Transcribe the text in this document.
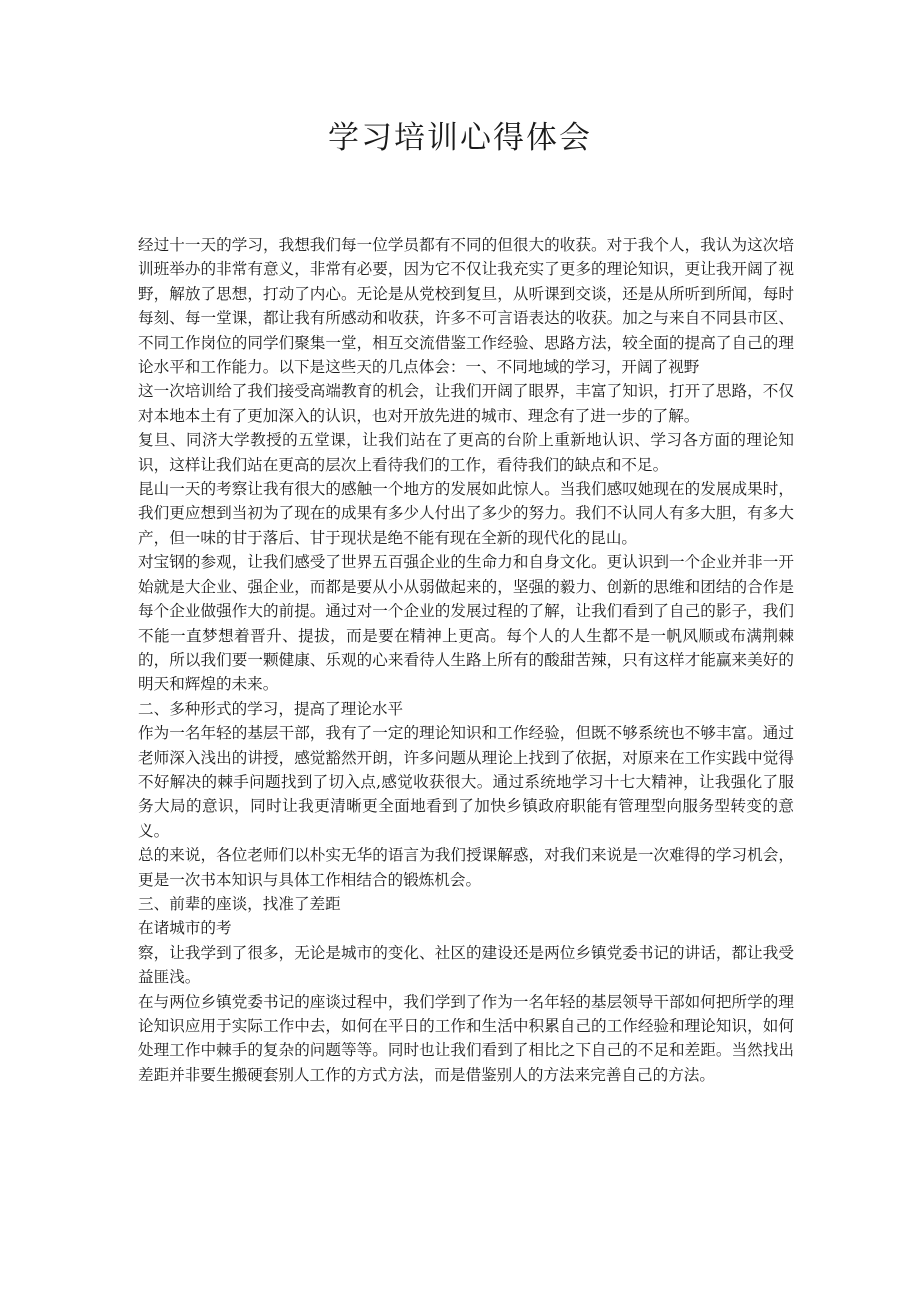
学习培训心得体会

经过十一天的学习，我想我们每一位学员都有不同的但很大的收获。对于我个人，我认为这次培训班举办的非常有意义，非常有必要，因为它不仅让我充实了更多的理论知识，更让我开阔了视野，解放了思想，打动了内心。无论是从党校到复旦，从听课到交谈，还是从所听到所闻，每时每刻、每一堂课，都让我有所感动和收获，许多不可言语表达的收获。加之与来自不同县市区、不同工作岗位的同学们聚集一堂，相互交流借鉴工作经验、思路方法，较全面的提高了自己的理论水平和工作能力。以下是这些天的几点体会：一、不同地域的学习，开阔了视野

这一次培训给了我们接受高端教育的机会，让我们开阔了眼界，丰富了知识，打开了思路，不仅对本地本土有了更加深入的认识，也对开放先进的城市、理念有了进一步的了解。

复旦、同济大学教授的五堂课，让我们站在了更高的台阶上重新地认识、学习各方面的理论知识，这样让我们站在更高的层次上看待我们的工作，看待我们的缺点和不足。

昆山一天的考察让我有很大的感触一个地方的发展如此惊人。当我们感叹她现在的发展成果时，我们更应想到当初为了现在的成果有多少人付出了多少的努力。我们不认同人有多大胆，有多大产，但一味的甘于落后、甘于现状是绝不能有现在全新的现代化的昆山。

对宝钢的参观，让我们感受了世界五百强企业的生命力和自身文化。更认识到一个企业并非一开始就是大企业、强企业，而都是要从小从弱做起来的，坚强的毅力、创新的思维和团结的合作是每个企业做强作大的前提。通过对一个企业的发展过程的了解，让我们看到了自己的影子，我们不能一直梦想着晋升、提拔，而是要在精神上更高。每个人的人生都不是一帆风顺或布满荆棘的，所以我们要一颗健康、乐观的心来看待人生路上所有的酸甜苦辣，只有这样才能赢来美好的明天和辉煌的未来。

二、多种形式的学习，提高了理论水平

作为一名年轻的基层干部，我有了一定的理论知识和工作经验，但既不够系统也不够丰富。通过老师深入浅出的讲授，感觉豁然开朗，许多问题从理论上找到了依据，对原来在工作实践中觉得不好解决的棘手问题找到了切入点,感觉收获很大。通过系统地学习十七大精神，让我强化了服务大局的意识，同时让我更清晰更全面地看到了加快乡镇政府职能有管理型向服务型转变的意义。

总的来说，各位老师们以朴实无华的语言为我们授课解惑，对我们来说是一次难得的学习机会，更是一次书本知识与具体工作相结合的锻炼机会。

三、前辈的座谈，找准了差距

在诸城市的考

察，让我学到了很多，无论是城市的变化、社区的建设还是两位乡镇党委书记的讲话，都让我受益匪浅。

在与两位乡镇党委书记的座谈过程中，我们学到了作为一名年轻的基层领导干部如何把所学的理论知识应用于实际工作中去，如何在平日的工作和生活中积累自己的工作经验和理论知识，如何处理工作中棘手的复杂的问题等等。同时也让我们看到了相比之下自己的不足和差距。当然找出差距并非要生搬硬套别人工作的方式方法，而是借鉴别人的方法来完善自己的方法。
